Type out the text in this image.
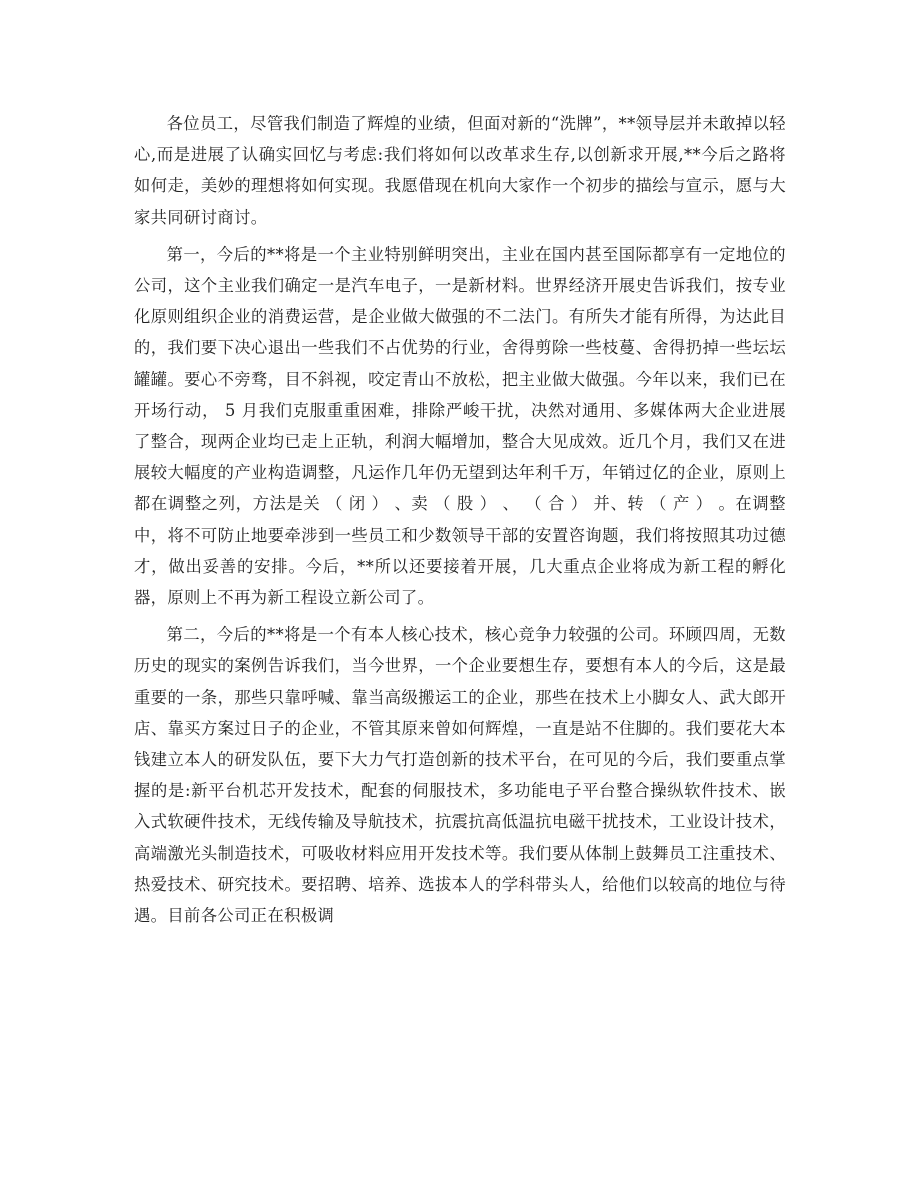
各位员工，尽管我们制造了辉煌的业绩，但面对新的“洗牌”，**领导层并未敢掉以轻心,而是进展了认确实回忆与考虑:我们将如何以改革求生存,以创新求开展,**今后之路将如何走，美妙的理想将如何实现。我愿借现在机向大家作一个初步的描绘与宣示，愿与大家共同研讨商讨。

第一，今后的**将是一个主业特别鲜明突出，主业在国内甚至国际都享有一定地位的公司，这个主业我们确定一是汽车电子，一是新材料。世界经济开展史告诉我们，按专业化原则组织企业的消费运营，是企业做大做强的不二法门。有所失才能有所得，为达此目的，我们要下决心退出一些我们不占优势的行业，舍得剪除一些枝蔓、舍得扔掉一些坛坛罐罐。要心不旁骛，目不斜视，咬定青山不放松，把主业做大做强。今年以来，我们已在开场行动， 5 月我们克服重重困难，排除严峻干扰，决然对通用、多媒体两大企业进展了整合，现两企业均已走上正轨，利润大幅增加，整合大见成效。近几个月，我们又在进展较大幅度的产业构造调整，凡运作几年仍无望到达年利千万，年销过亿的企业，原则上都在调整之列，方法是关 （ 闭 ） 、卖 （ 股 ） 、 （ 合 ） 并、转 （ 产 ） 。在调整中，将不可防止地要牵涉到一些员工和少数领导干部的安置咨询题，我们将按照其功过德才，做出妥善的安排。今后，**所以还要接着开展，几大重点企业将成为新工程的孵化器，原则上不再为新工程设立新公司了。

第二，今后的**将是一个有本人核心技术，核心竞争力较强的公司。环顾四周，无数历史的现实的案例告诉我们，当今世界，一个企业要想生存，要想有本人的今后，这是最重要的一条，那些只靠呼喊、靠当高级搬运工的企业，那些在技术上小脚女人、武大郎开店、靠买方案过日子的企业，不管其原来曾如何辉煌，一直是站不住脚的。我们要花大本钱建立本人的研发队伍，要下大力气打造创新的技术平台，在可见的今后，我们要重点掌握的是:新平台机芯开发技术，配套的伺服技术，多功能电子平台整合操纵软件技术、嵌入式软硬件技术，无线传输及导航技术，抗震抗高低温抗电磁干扰技术，工业设计技术，高端激光头制造技术，可吸收材料应用开发技术等。我们要从体制上鼓舞员工注重技术、热爱技术、研究技术。要招聘、培养、选拔本人的学科带头人，给他们以较高的地位与待遇。目前各公司正在积极调
